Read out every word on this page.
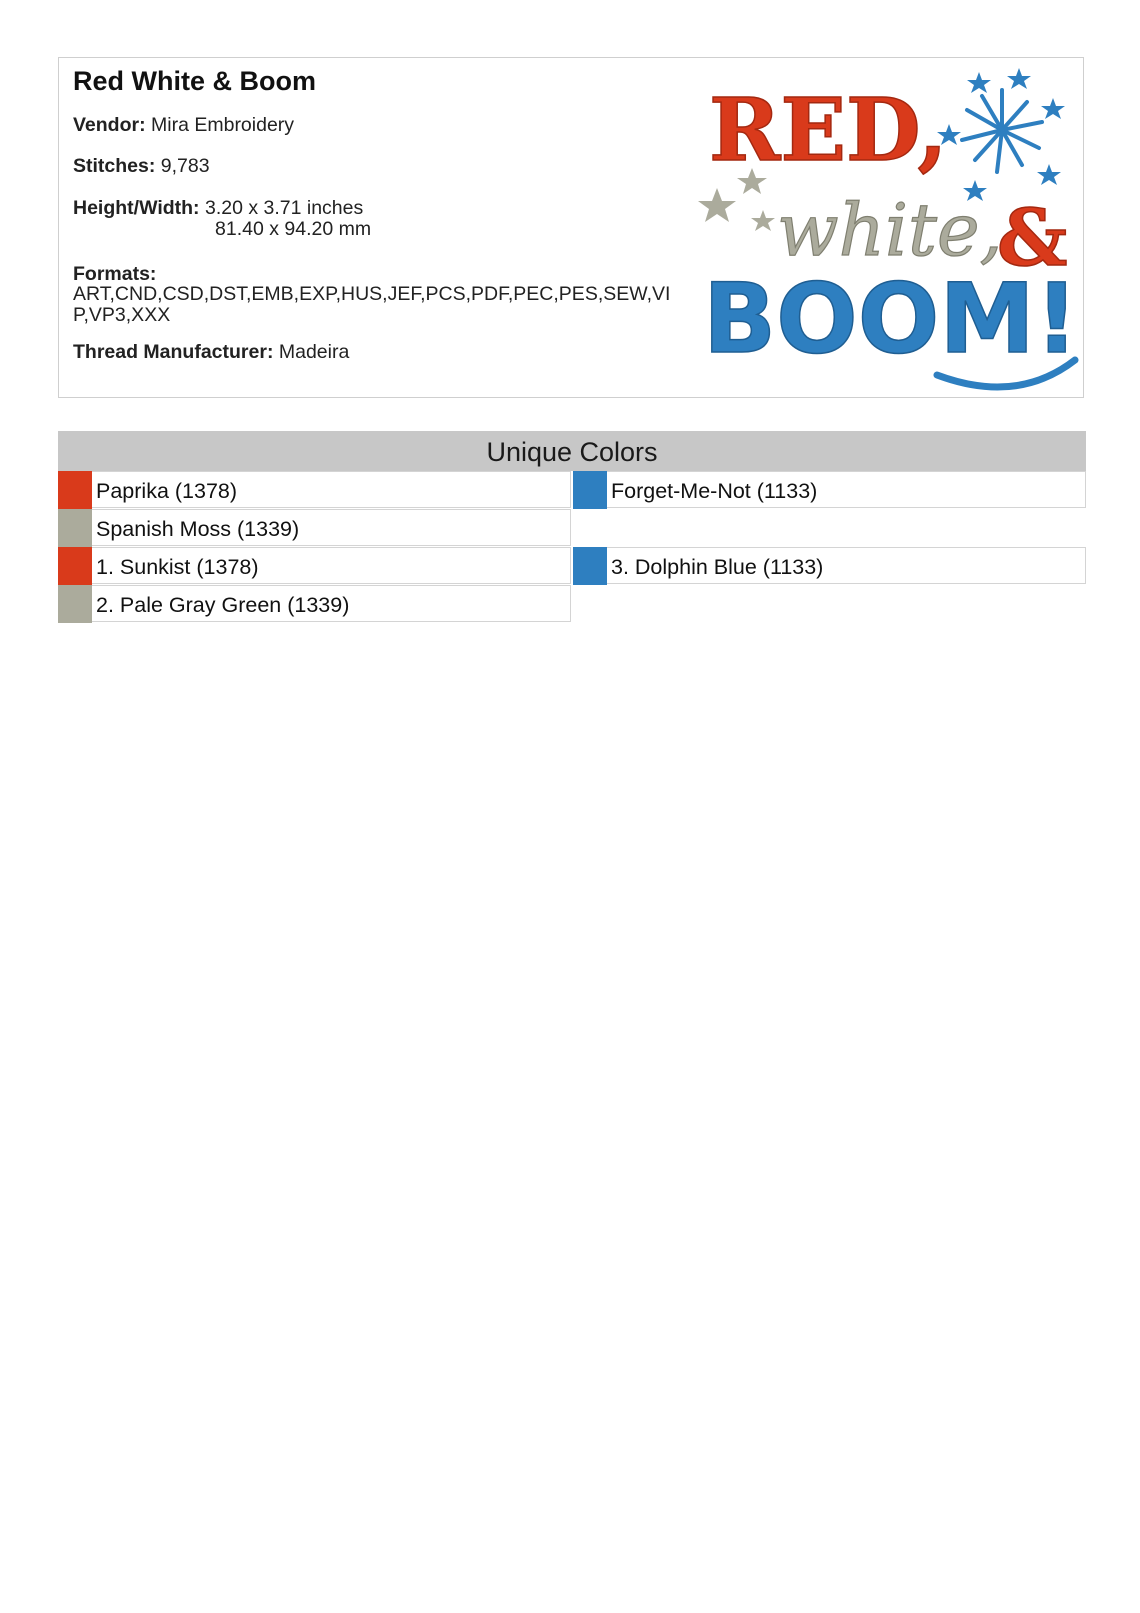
Red White & Boom
Vendor: Mira Embroidery
Stitches: 9,783
Height/Width: 3.20 x 3.71 inches
81.40 x 94.20 mm
Formats:
ART,CND,CSD,DST,EMB,EXP,HUS,JEF,PCS,PDF,PEC,PES,SEW,VIP,VP3,XXX
Thread Manufacturer: Madeira
RED,
white,
&
BOOM!
Unique Colors
Paprika (1378)	Forget-Me-Not (1133)
Spanish Moss (1339)
1. Sunkist (1378)	3. Dolphin Blue (1133)
2. Pale Gray Green (1339)
